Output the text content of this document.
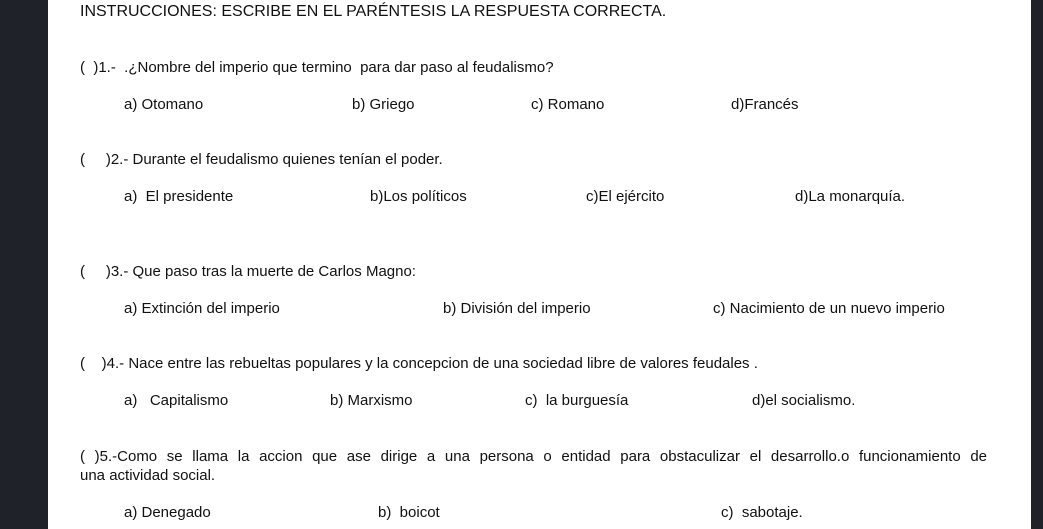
INSTRUCCIONES: ESCRIBE EN EL PARÉNTESIS LA RESPUESTA CORRECTA.
(  )1.-  .¿Nombre del imperio que termino  para dar paso al feudalismo?
a) Otomano	b) Griego	c) Romano	d)Francés
(     )2.- Durante el feudalismo quienes tenían el poder.
a)  El presidente	b)Los políticos	c)El ejército	d)La monarquía.
(     )3.- Que paso tras la muerte de Carlos Magno:
a) Extinción del imperio	b) División del imperio	c) Nacimiento de un nuevo imperio
(    )4.- Nace entre las rebueltas populares y la concepcion de una sociedad libre de valores feudales .
a)   Capitalismo	b) Marxismo	c)  la burguesía	d)el socialismo.
( )5.-Como se llama la accion que ase dirige a una persona o entidad para obstaculizar el desarrollo.o funcionamiento de
una actividad social.
a) Denegado	b)  boicot	c)  sabotaje.
